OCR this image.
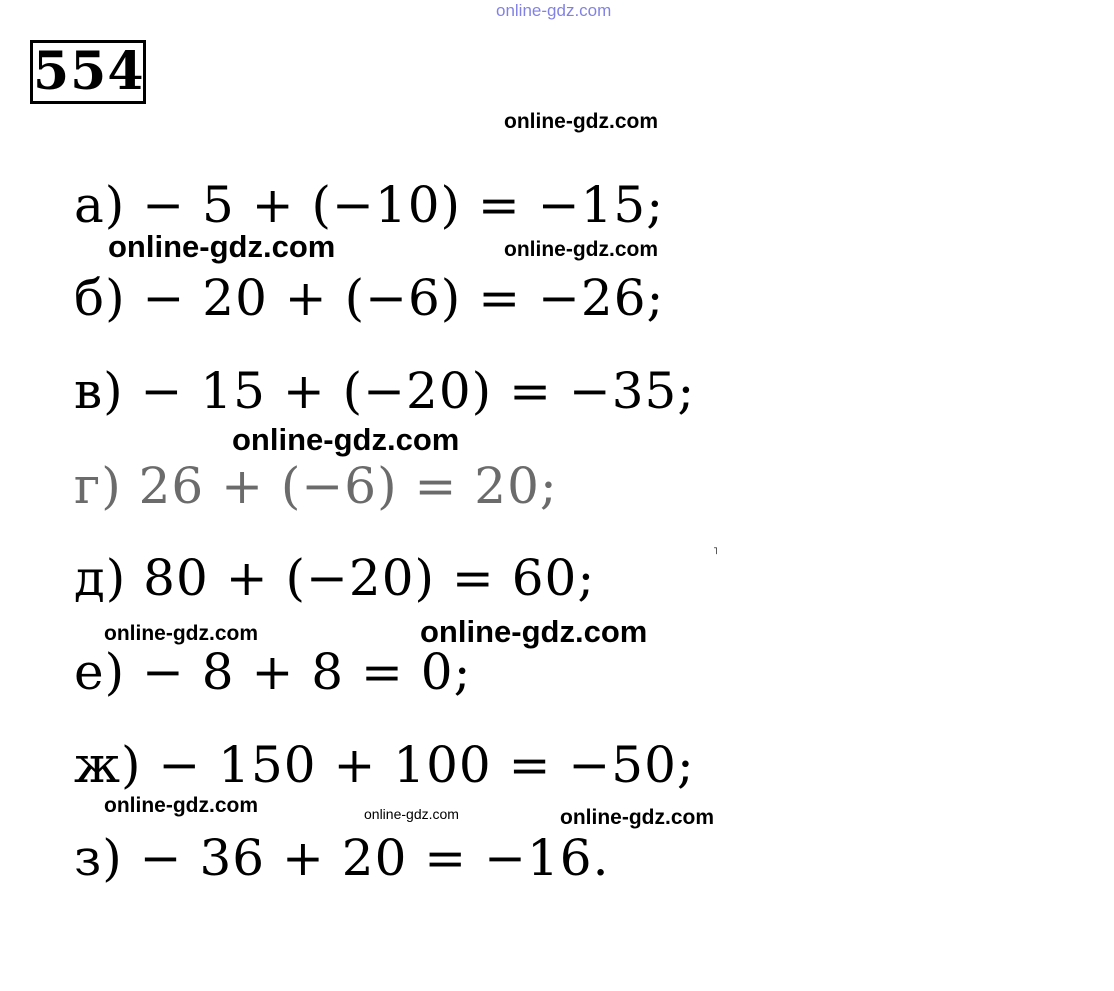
online-gdz.com
554
а) − 5 + (−10) = −15;
б) − 20 + (−6) = −26;
в) − 15 + (−20) = −35;
г) 26 + (−6) = 20;
д) 80 + (−20) = 60;
е) − 8 + 8 = 0;
ж) − 150 + 100 = −50;
з) − 36 + 20 = −16.
online-gdz.com
online-gdz.com	online-gdz.com
online-gdz.com
online-gdz.com	online-gdz.com
online-gdz.com	online-gdz.com	online-gdz.com
˥
